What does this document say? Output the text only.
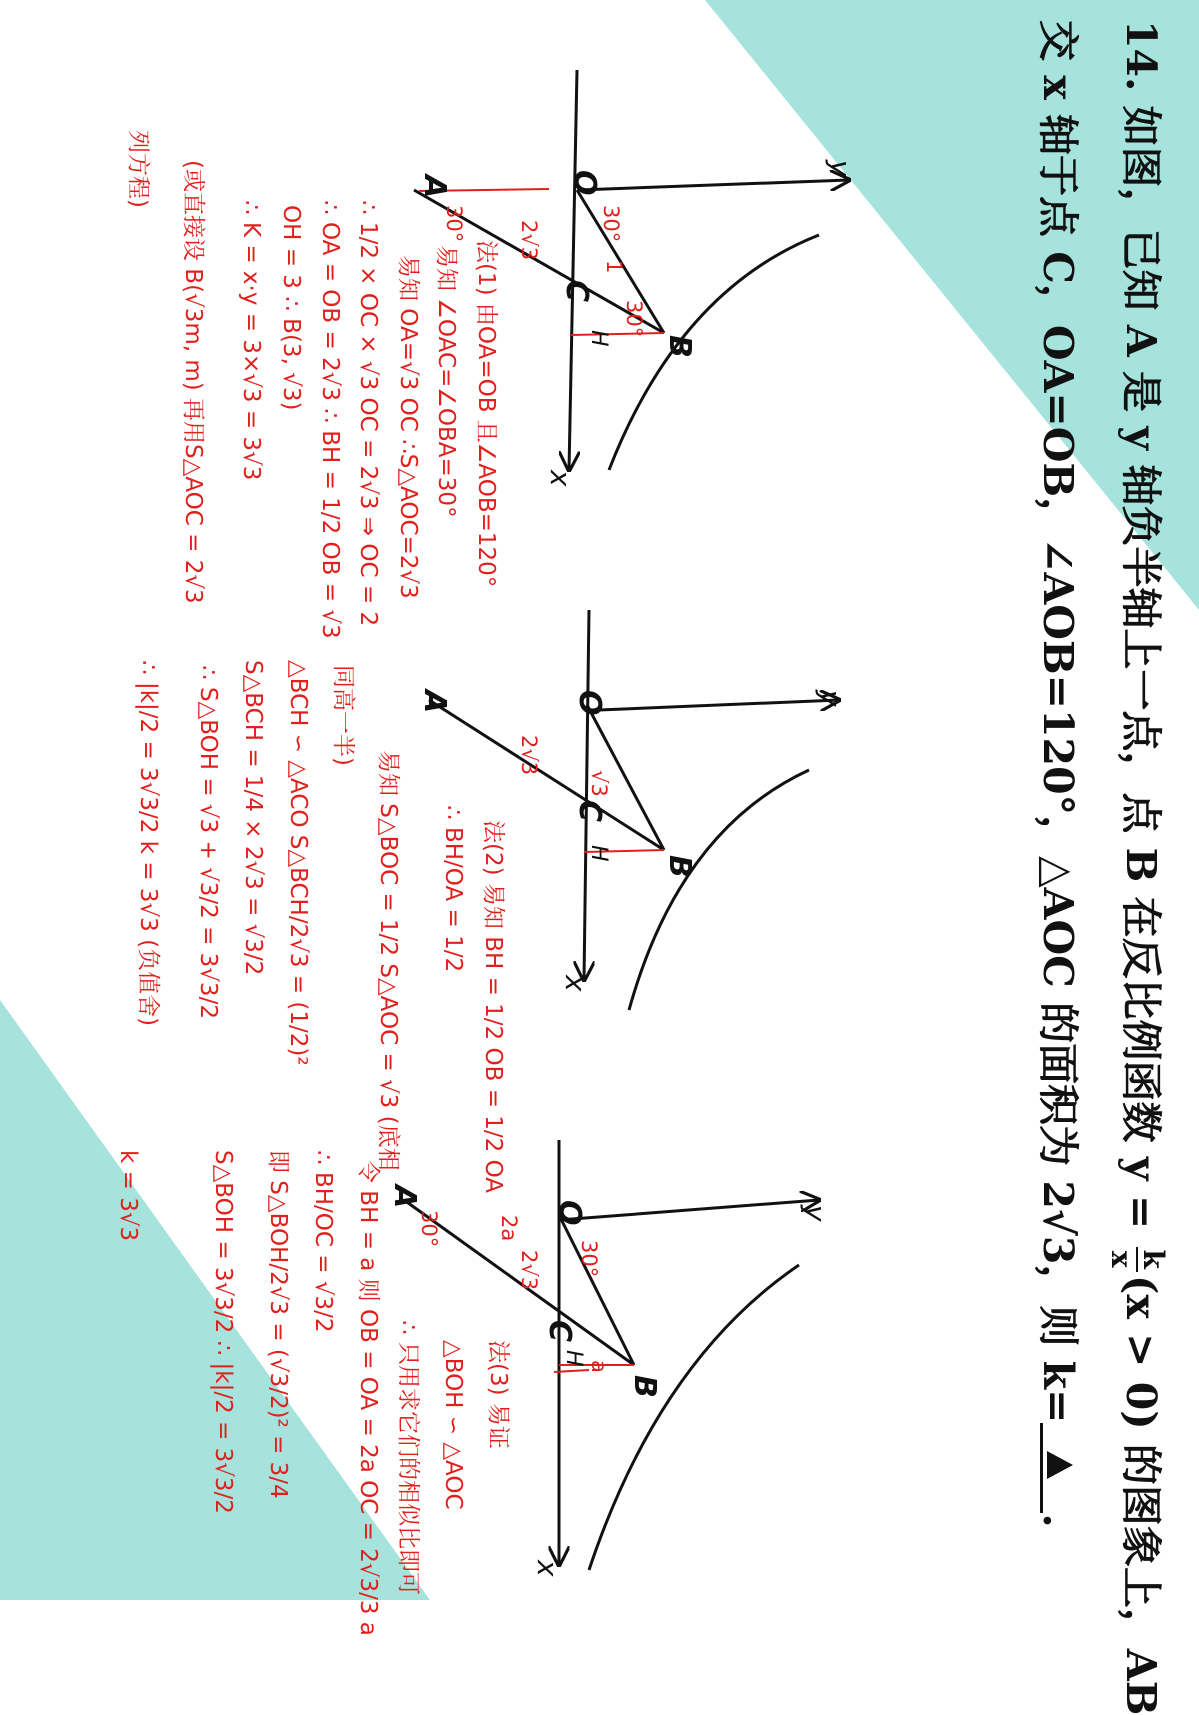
14. 如图，已知 A 是 y 轴负半轴上一点，点 B 在反比例函数 y =
k
x
(x > 0) 的图象上，AB
交 x 轴于点 C，OA=OB，∠AOB=120°，△AOC 的面积为 2√3，则 k=
.
O
A
B
C
H
y
x
30°	30°
30°
2√3
1
O
A
B
C
H
y
x
2√3
√3
O
A
B
C
H
y
x
30°	2a
2√3 30°
a
法(1) 由OA=OB 且∠AOB=120°
易知 ∠OAC=∠OBA=30°
易知 OA=√3 OC ∴S△AOC=2√3
∴ 1/2 × OC × √3 OC = 2√3 ⇒ OC = 2
∴ OA = OB = 2√3 ∴ BH = 1/2 OB = √3
OH = 3 ∴ B(3, √3)
∴ K = x·y = 3×√3 = 3√3
(或直接设 B(√3m, m) 再用S△AOC = 2√3
列方程)
法(2) 易知 BH = 1/2 OB = 1/2 OA
∴ BH/OA = 1/2
易知 S△BOC = 1/2 S△AOC = √3 (底相
同高一半)
△BCH ∽ △ACO S△BCH/2√3 = (1/2)²
S△BCH = 1/4 × 2√3 = √3/2
∴ S△BOH = √3 + √3/2 = 3√3/2
∴ |k|/2 = 3√3/2 k = 3√3 (负值舍)
法(3) 易证
△BOH ∽ △AOC
∴ 只用求它们的相似比即可
令 BH = a 则 OB = OA = 2a OC = 2√3/3 a
∴ BH/OC = √3/2
即 S△BOH/2√3 = (√3/2)² = 3/4
S△BOH = 3√3/2 ∴ |k|/2 = 3√3/2
k = 3√3
